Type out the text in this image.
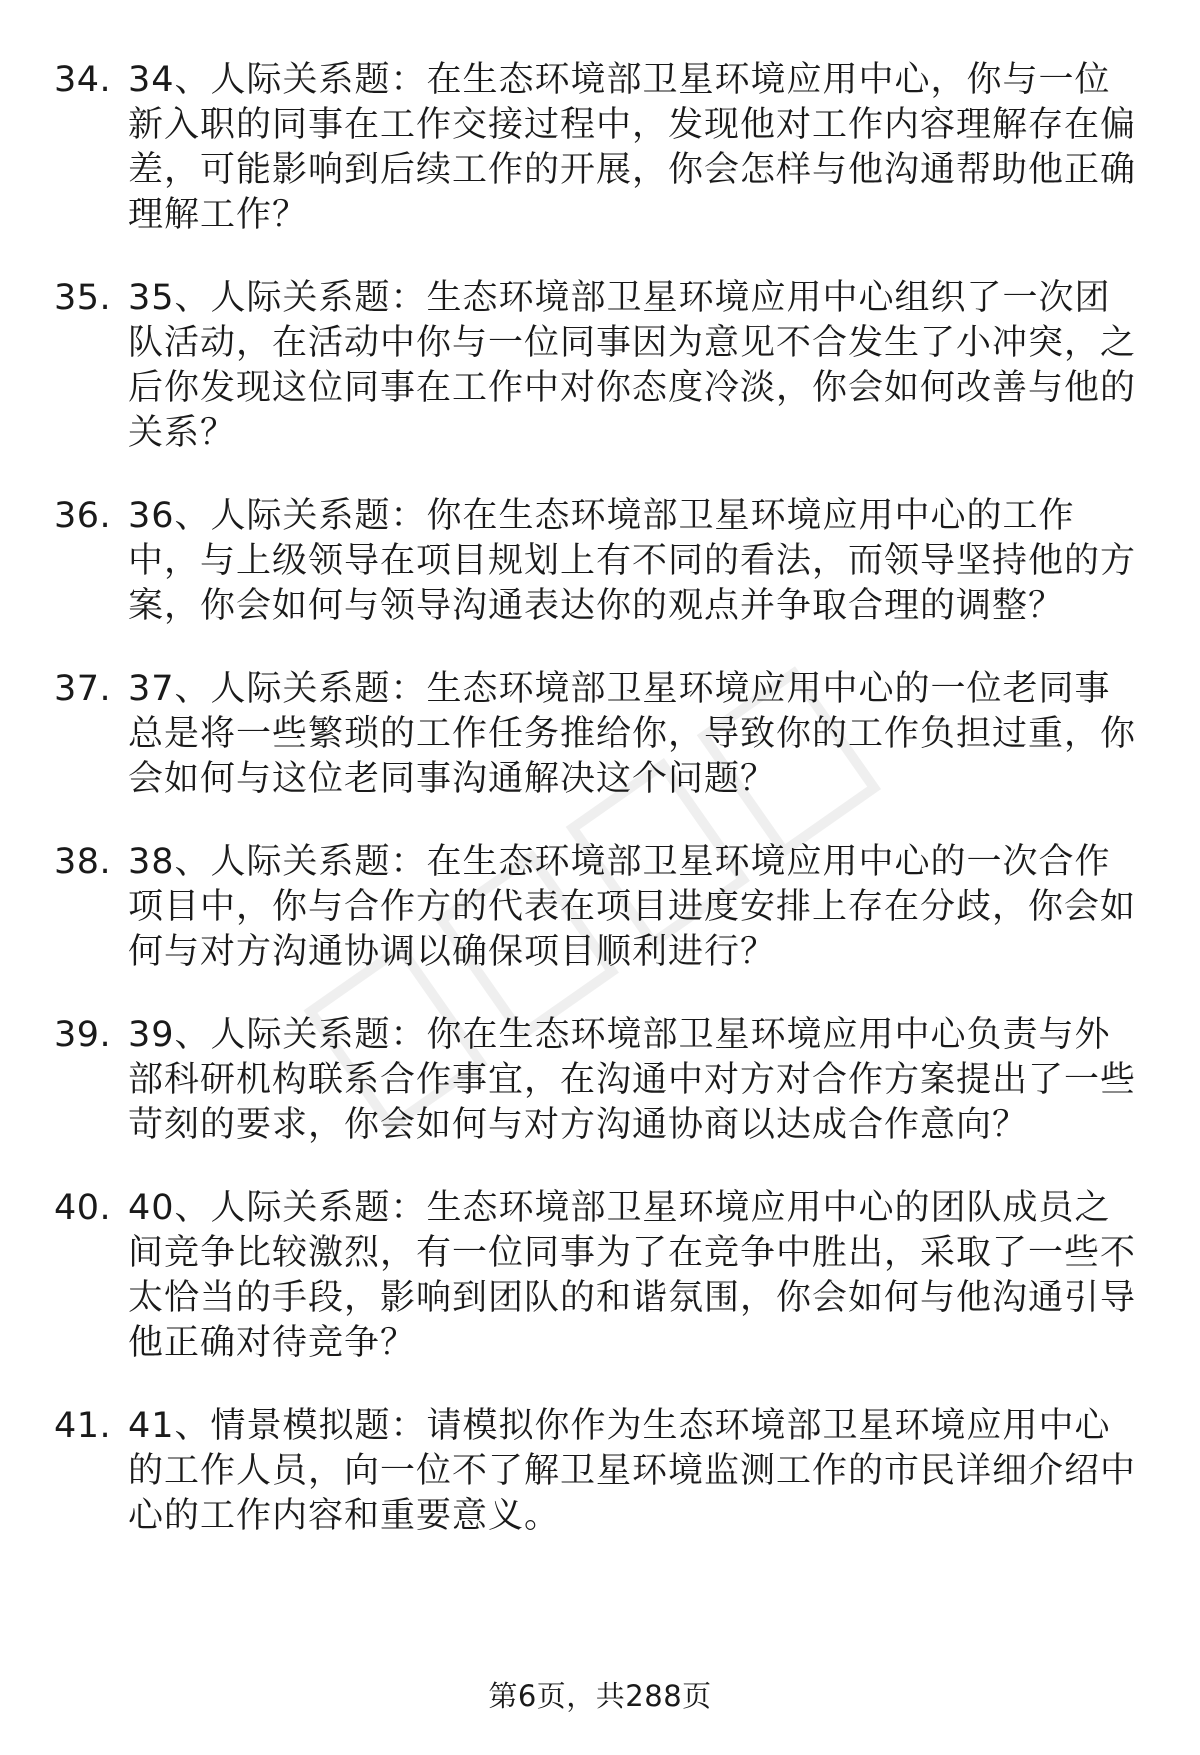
34. 34、人际关系题：在生态环境部卫星环境应用中心，你与一位新入职的同事在工作交接过程中，发现他对工作内容理解存在偏差，可能影响到后续工作的开展，你会怎样与他沟通帮助他正确理解工作？
35. 35、人际关系题：生态环境部卫星环境应用中心组织了一次团队活动，在活动中你与一位同事因为意见不合发生了小冲突，之后你发现这位同事在工作中对你态度冷淡，你会如何改善与他的关系？
36. 36、人际关系题：你在生态环境部卫星环境应用中心的工作中，与上级领导在项目规划上有不同的看法，而领导坚持他的方案，你会如何与领导沟通表达你的观点并争取合理的调整？
37. 37、人际关系题：生态环境部卫星环境应用中心的一位老同事总是将一些繁琐的工作任务推给你，导致你的工作负担过重，你会如何与这位老同事沟通解决这个问题？
38. 38、人际关系题：在生态环境部卫星环境应用中心的一次合作项目中，你与合作方的代表在项目进度安排上存在分歧，你会如何与对方沟通协调以确保项目顺利进行？
39. 39、人际关系题：你在生态环境部卫星环境应用中心负责与外部科研机构联系合作事宜，在沟通中对方对合作方案提出了一些苛刻的要求，你会如何与对方沟通协商以达成合作意向？
40. 40、人际关系题：生态环境部卫星环境应用中心的团队成员之间竞争比较激烈，有一位同事为了在竞争中胜出，采取了一些不太恰当的手段，影响到团队的和谐氛围，你会如何与他沟通引导他正确对待竞争？
41. 41、情景模拟题：请模拟你作为生态环境部卫星环境应用中心的工作人员，向一位不了解卫星环境监测工作的市民详细介绍中心的工作内容和重要意义。
第6页，共288页
